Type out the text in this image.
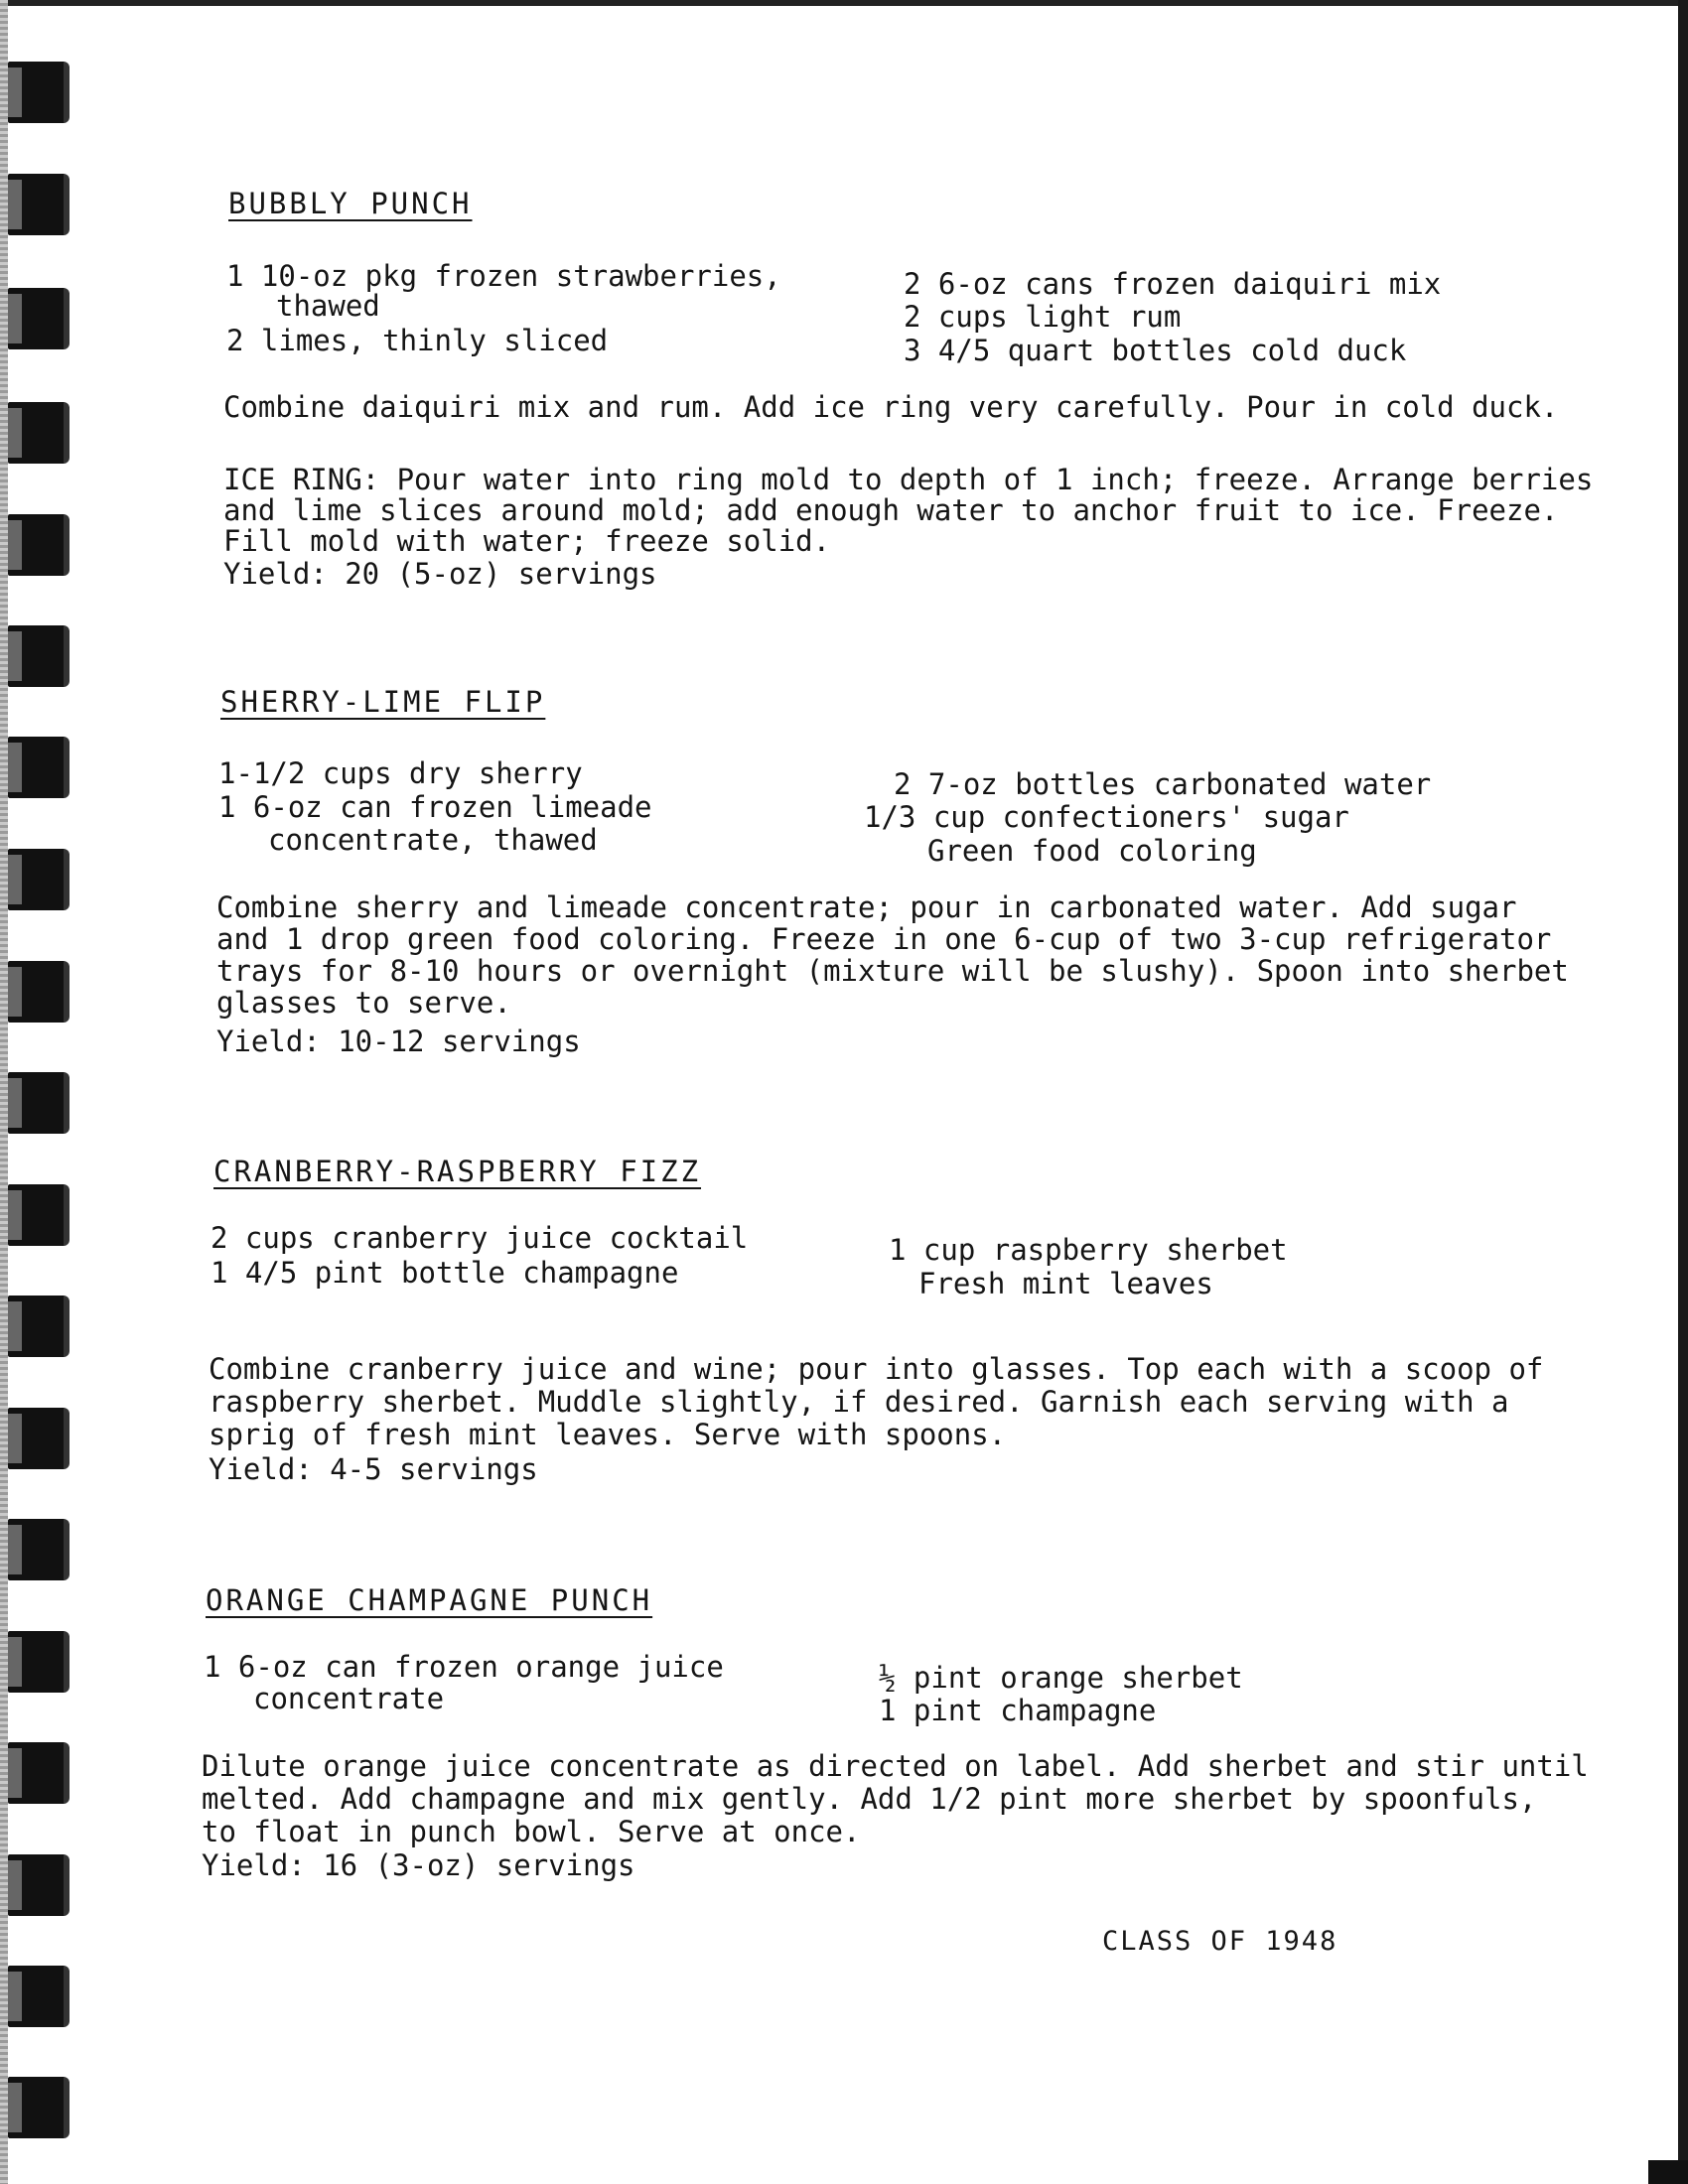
BUBBLY PUNCH
1 10-oz pkg frozen strawberries,
thawed
2 limes, thinly sliced
2 6-oz cans frozen daiquiri mix
2 cups light rum
3 4/5 quart bottles cold duck
Combine daiquiri mix and rum. Add ice ring very carefully. Pour in cold duck.
ICE RING: Pour water into ring mold to depth of 1 inch; freeze. Arrange berries
and lime slices around mold; add enough water to anchor fruit to ice. Freeze.
Fill mold with water; freeze solid.
Yield: 20 (5-oz) servings
SHERRY-LIME FLIP
1-1/2 cups dry sherry
1 6-oz can frozen limeade
concentrate, thawed
2 7-oz bottles carbonated water
1/3 cup confectioners' sugar
Green food coloring
Combine sherry and limeade concentrate; pour in carbonated water. Add sugar
and 1 drop green food coloring. Freeze in one 6-cup of two 3-cup refrigerator
trays for 8-10 hours or overnight (mixture will be slushy). Spoon into sherbet
glasses to serve.
Yield: 10-12 servings
CRANBERRY-RASPBERRY FIZZ
2 cups cranberry juice cocktail
1 4/5 pint bottle champagne
1 cup raspberry sherbet
Fresh mint leaves
Combine cranberry juice and wine; pour into glasses. Top each with a scoop of
raspberry sherbet. Muddle slightly, if desired. Garnish each serving with a
sprig of fresh mint leaves. Serve with spoons.
Yield: 4-5 servings
ORANGE CHAMPAGNE PUNCH
1 6-oz can frozen orange juice
concentrate
½ pint orange sherbet
1 pint champagne
Dilute orange juice concentrate as directed on label. Add sherbet and stir until
melted. Add champagne and mix gently. Add 1/2 pint more sherbet by spoonfuls,
to float in punch bowl. Serve at once.
Yield: 16 (3-oz) servings
CLASS OF 1948
